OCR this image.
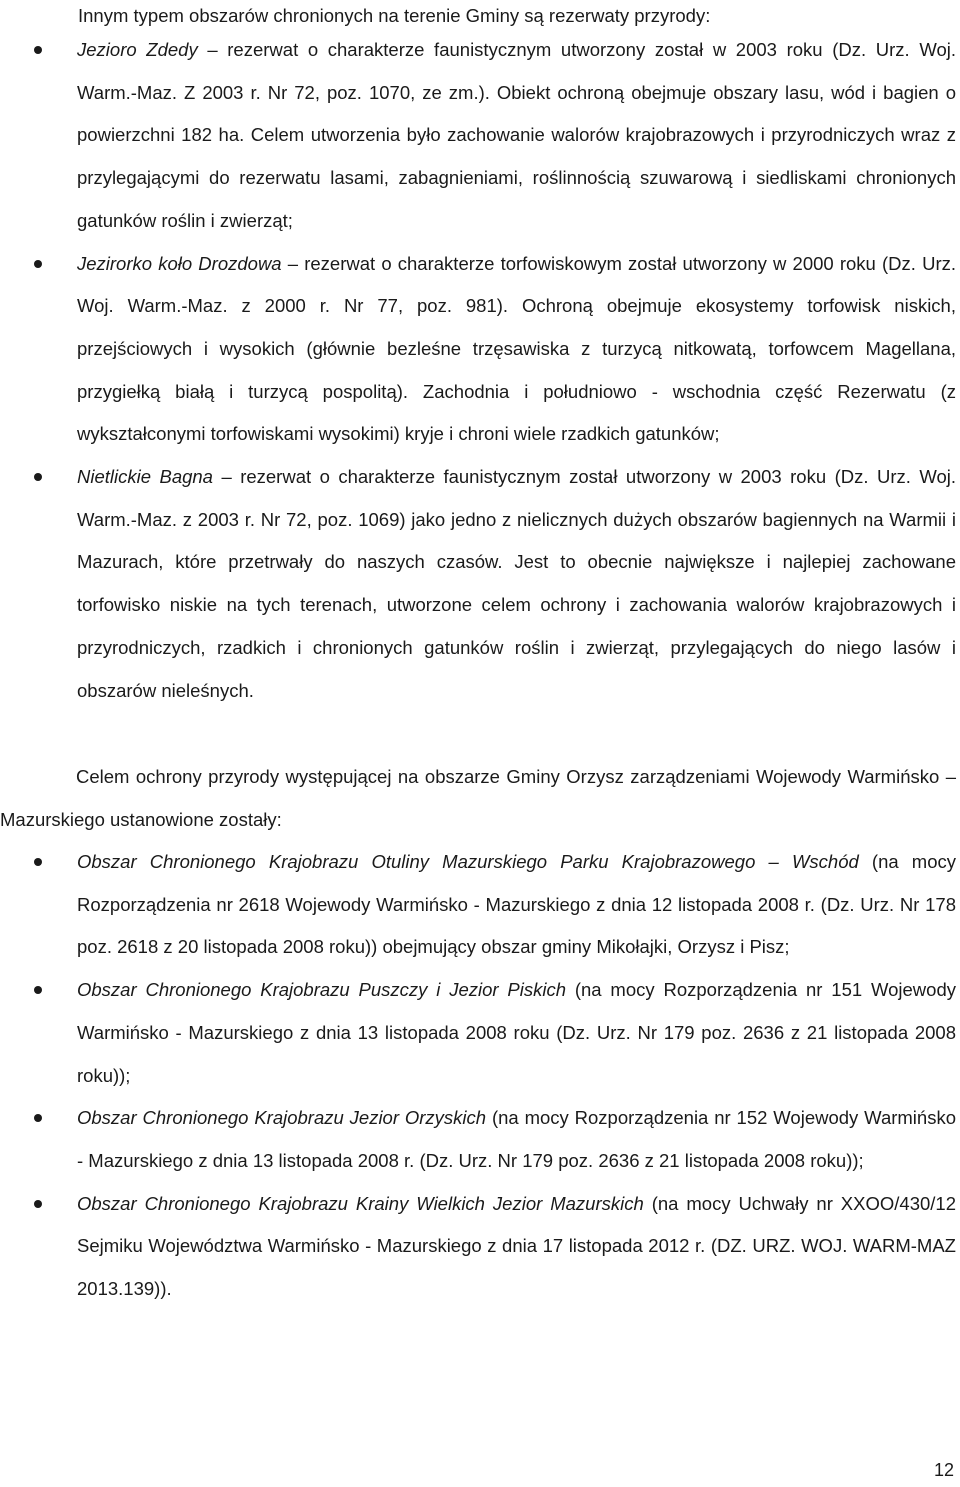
Innym typem obszarów chronionych na terenie Gminy są rezerwaty przyrody:

Jezioro Zdedy – rezerwat o charakterze faunistycznym utworzony został w 2003 roku (Dz. Urz. Woj. Warm.-Maz. Z 2003 r. Nr 72, poz. 1070, ze zm.). Obiekt ochroną obejmuje obszary lasu, wód i bagien o powierzchni 182 ha. Celem utworzenia było zachowanie walorów krajobrazowych i przyrodniczych wraz z przylegającymi do rezerwatu lasami, zabagnieniami, roślinnością szuwarową i siedliskami chronionych gatunków roślin i zwierząt;
Jezirorko koło Drozdowa – rezerwat o charakterze torfowiskowym został utworzony w 2000 roku (Dz. Urz. Woj. Warm.-Maz. z 2000 r. Nr 77, poz. 981). Ochroną obejmuje ekosystemy torfowisk niskich, przejściowych i wysokich (głównie bezleśne trzęsawiska z turzycą nitkowatą, torfowcem Magellana, przygiełką białą i turzycą pospolitą). Zachodnia i południowo - wschodnia część Rezerwatu (z wykształconymi torfowiskami wysokimi) kryje i chroni wiele rzadkich gatunków;
Nietlickie Bagna – rezerwat o charakterze faunistycznym został utworzony w 2003 roku (Dz. Urz. Woj. Warm.-Maz. z 2003 r. Nr 72, poz. 1069) jako jedno z nielicznych dużych obszarów bagiennych na Warmii i Mazurach, które przetrwały do naszych czasów. Jest to obecnie największe i najlepiej zachowane torfowisko niskie na tych terenach, utworzone celem ochrony i zachowania walorów krajobrazowych i przyrodniczych, rzadkich i chronionych gatunków roślin i zwierząt, przylegających do niego lasów i obszarów nieleśnych.

Celem ochrony przyrody występującej na obszarze Gminy Orzysz zarządzeniami Wojewody Warmińsko – Mazurskiego ustanowione zostały:

Obszar Chronionego Krajobrazu Otuliny Mazurskiego Parku Krajobrazowego – Wschód (na mocy Rozporządzenia nr 2618 Wojewody Warmińsko - Mazurskiego z dnia 12 listopada 2008 r. (Dz. Urz. Nr 178 poz. 2618 z 20 listopada 2008 roku)) obejmujący obszar gminy Mikołajki, Orzysz i Pisz;
Obszar Chronionego Krajobrazu Puszczy i Jezior Piskich (na mocy Rozporządzenia nr 151 Wojewody Warmińsko - Mazurskiego z dnia 13 listopada 2008 roku (Dz. Urz. Nr 179 poz. 2636 z 21 listopada 2008 roku));
Obszar Chronionego Krajobrazu Jezior Orzyskich (na mocy Rozporządzenia nr 152 Wojewody Warmińsko - Mazurskiego z dnia 13 listopada 2008 r. (Dz. Urz. Nr 179 poz. 2636 z 21 listopada 2008 roku));
Obszar Chronionego Krajobrazu Krainy Wielkich Jezior Mazurskich (na mocy Uchwały nr XXOO/430/12 Sejmiku Województwa Warmińsko - Mazurskiego z dnia 17 listopada 2012 r. (DZ. URZ. WOJ. WARM-MAZ 2013.139)).
12
